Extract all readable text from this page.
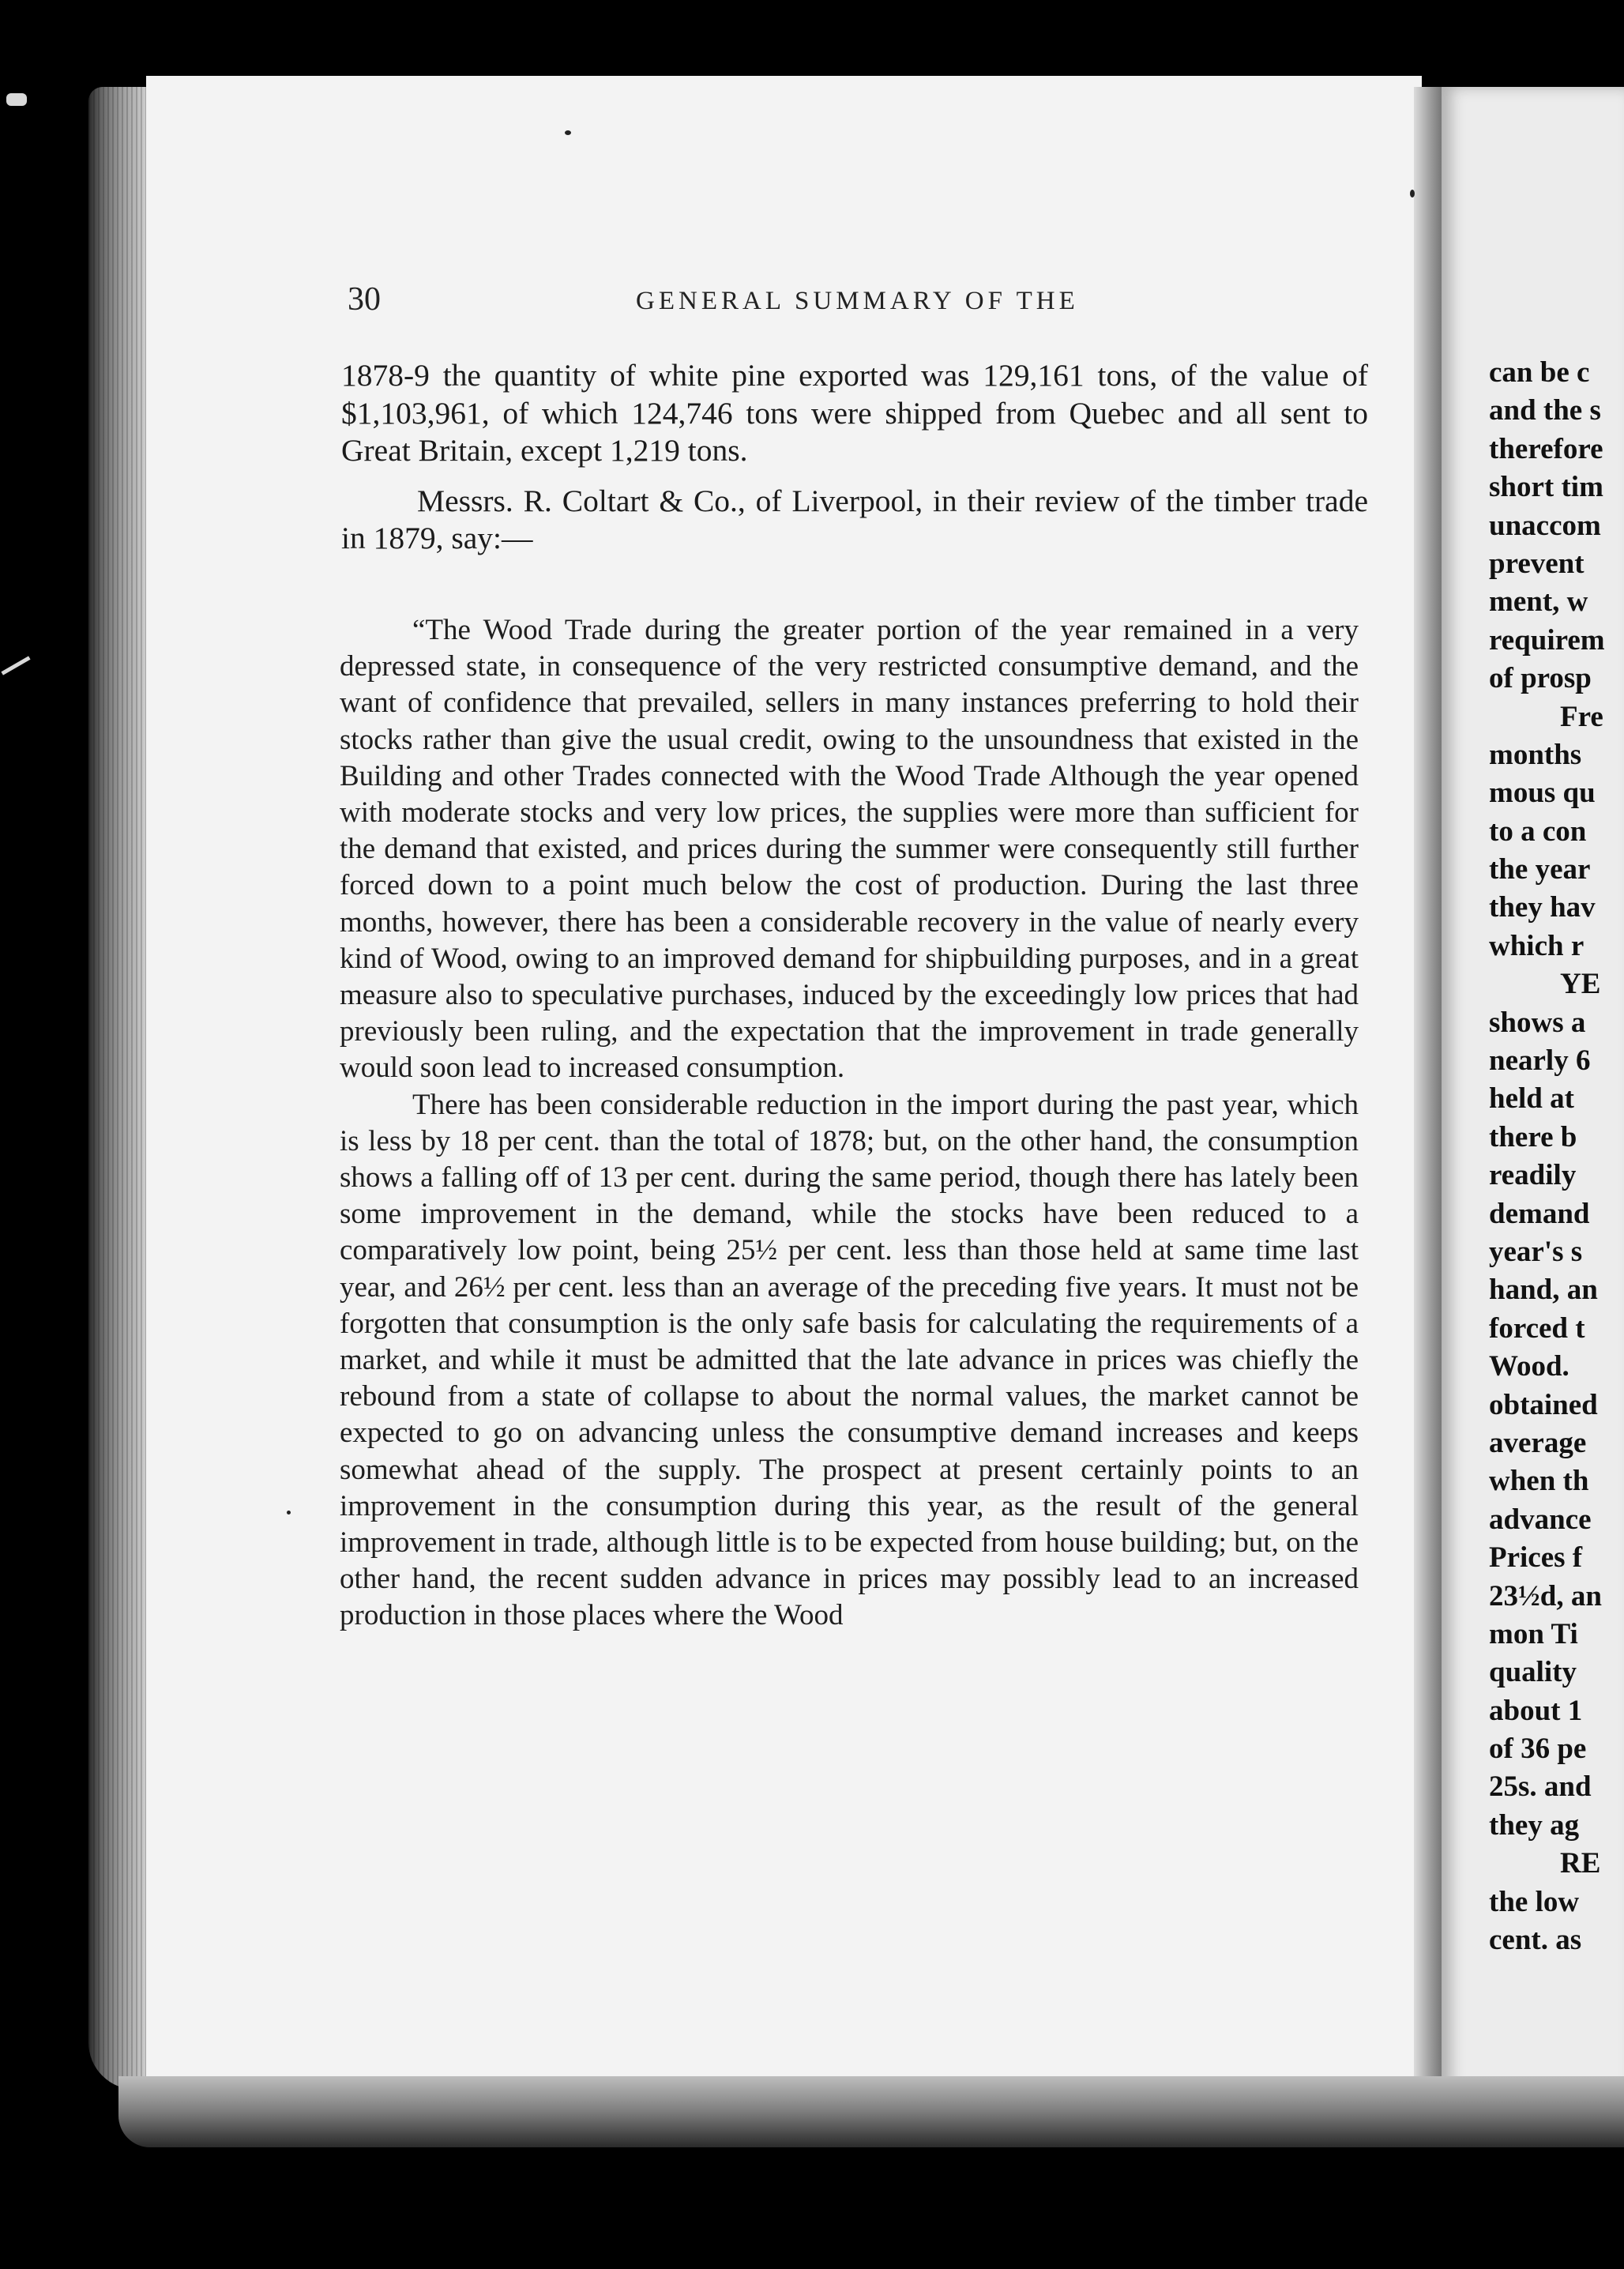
30	GENERAL SUMMARY OF THE

1878-9 the quantity of white pine exported was 129,161 tons, of the value of $1,103,961, of which 124,746 tons were shipped from Quebec and all sent to Great Britain, except 1,219 tons.

Messrs. R. Coltart & Co., of Liverpool, in their review of the timber trade in 1879, say:—

“The Wood Trade during the greater portion of the year remained in a very depressed state, in consequence of the very restricted consumptive demand, and the want of confidence that prevailed, sellers in many instances preferring to hold their stocks rather than give the usual credit, owing to the unsoundness that existed in the Building and other Trades connected with the Wood Trade Although the year opened with moderate stocks and very low prices, the supplies were more than sufficient for the demand that existed, and prices during the summer were consequently still further forced down to a point much below the cost of production. During the last three months, however, there has been a considerable recovery in the value of nearly every kind of Wood, owing to an improved demand for shipbuilding purposes, and in a great measure also to speculative purchases, induced by the exceedingly low prices that had previously been ruling, and the expectation that the improvement in trade generally would soon lead to increased consumption.

There has been considerable reduction in the import during the past year, which is less by 18 per cent. than the total of 1878; but, on the other hand, the consumption shows a falling off of 13 per cent. during the same period, though there has lately been some improvement in the demand, while the stocks have been reduced to a comparatively low point, being 25½ per cent. less than those held at same time last year, and 26½ per cent. less than an average of the preceding five years. It must not be forgotten that consumption is the only safe basis for calculating the requirements of a market, and while it must be admitted that the late advance in prices was chiefly the rebound from a state of collapse to about the normal values, the market cannot be expected to go on advancing unless the consumptive demand increases and keeps somewhat ahead of the supply. The prospect at present certainly points to an improvement in the consumption during this year, as the result of the general improvement in trade, although little is to be expected from house building; but, on the other hand, the recent sudden advance in prices may possibly lead to an increased production in those places where the Wood

can be c
and the s
therefore
short tim
unaccom
prevent
ment, w
requirem
of prosp
Fre
months
mous qu
to a con
the year
they hav
which r
YE
shows a
nearly 6
held at
there b
readily
demand
year's s
hand, an
forced t
Wood.
obtained
average
when th
advance
Prices f
23½d, an
mon Ti
quality
about 1
of 36 pe
25s. and
they ag
RE
the low
cent. as
